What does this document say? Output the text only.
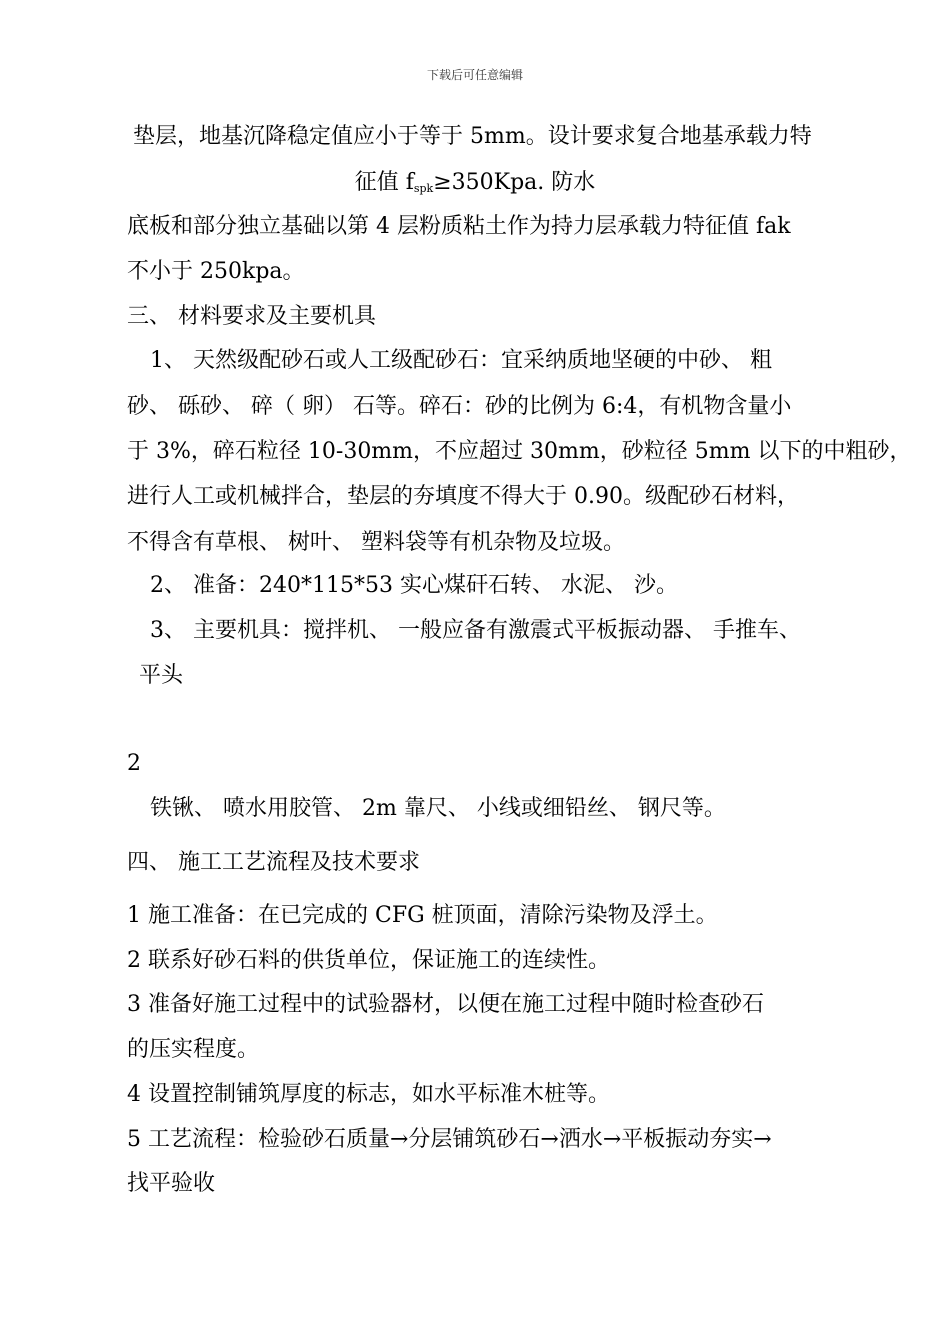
下载后可任意编辑
垫层，地基沉降稳定值应小于等于 5mm。设计要求复合地基承载力特
征值 $f_{spk}\ge 350Kpa$. 防水
底板和部分独立基础以第 4 层粉质粘土作为持力层承载力特征值 fak
不小于 250kpa。
三、 材料要求及主要机具
1、 天然级配砂石或人工级配砂石：宜采纳质地坚硬的中砂、 粗
砂、 砾砂、 碎（ 卵） 石等。碎石：砂的比例为 6:4，有机物含量小
于 3%，碎石粒径 10-30mm，不应超过 30mm，砂粒径 5mm 以下的中粗砂，
进行人工或机械拌合，垫层的夯填度不得大于 0.90。级配砂石材料，
不得含有草根、 树叶、 塑料袋等有机杂物及垃圾。
2、 准备：240*115*53 实心煤矸石转、 水泥、 沙。
3、 主要机具：搅拌机、 一般应备有激震式平板振动器、 手推车、
平头
2
铁锹、 喷水用胶管、 2m 靠尺、 小线或细铅丝、 钢尺等。
四、 施工工艺流程及技术要求
1 施工准备：在已完成的 CFG 桩顶面，清除污染物及浮土。
2 联系好砂石料的供货单位，保证施工的连续性。
3 准备好施工过程中的试验器材，以便在施工过程中随时检查砂石
的压实程度。
4 设置控制铺筑厚度的标志，如水平标准木桩等。
5 工艺流程：检验砂石质量→分层铺筑砂石→洒水→平板振动夯实→
找平验收
